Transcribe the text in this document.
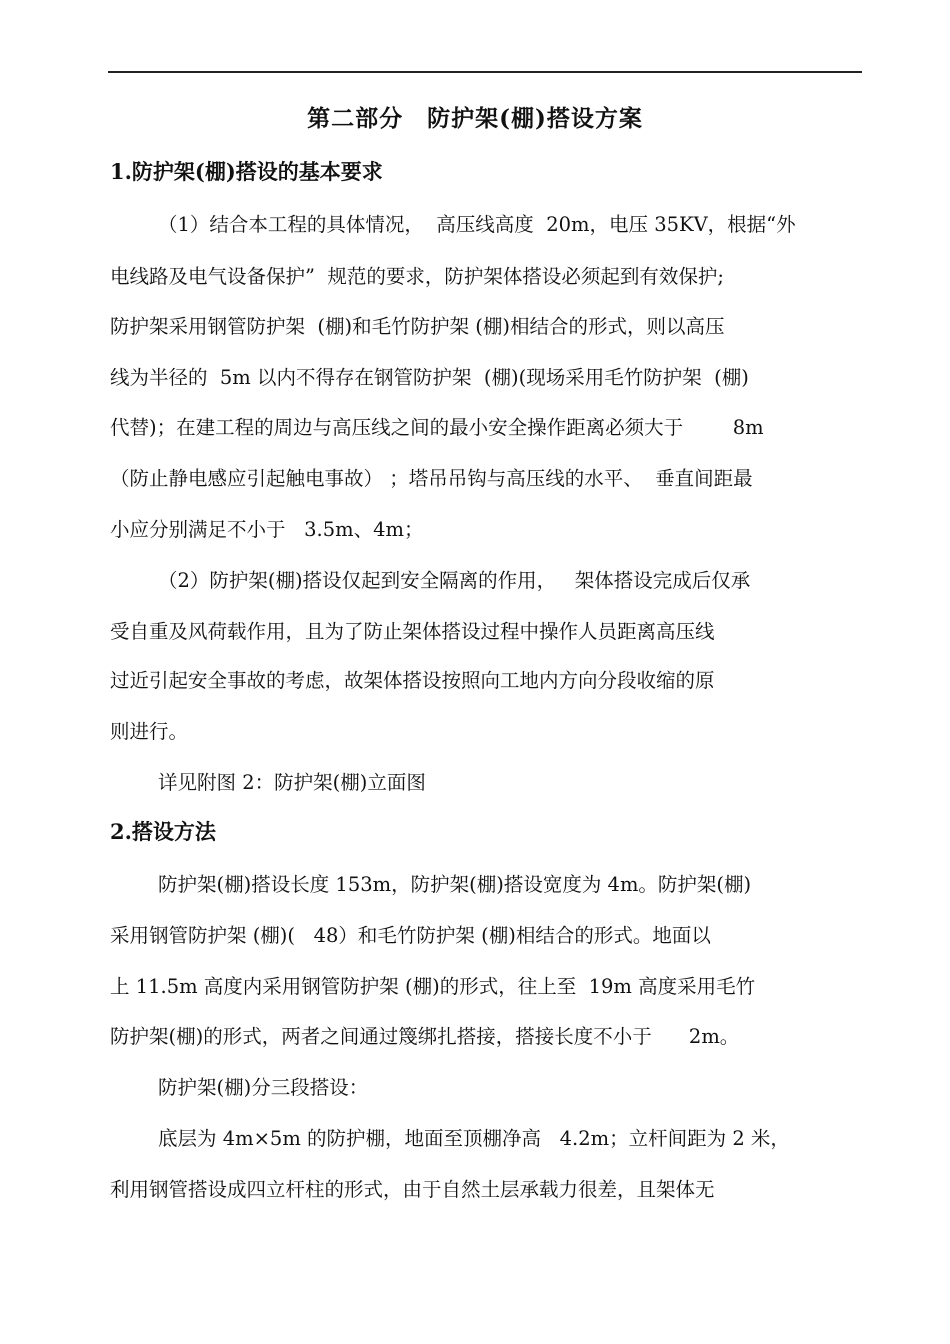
第二部分　防护架(棚)搭设方案
1.防护架(棚)搭设的基本要求
（1）结合本工程的具体情况，  高压线高度  20m，电压 35KV，根据“外
电线路及电气设备保护”  规范的要求，防护架体搭设必须起到有效保护;
防护架采用钢管防护架  (棚)和毛竹防护架 (棚)相结合的形式，则以高压
线为半径的  5m 以内不得存在钢管防护架  (棚)(现场采用毛竹防护架  (棚)
代替)；在建工程的周边与高压线之间的最小安全操作距离必须大于        8m
（防止静电感应引起触电事故） ；塔吊吊钩与高压线的水平、  垂直间距最
小应分别满足不小于   3.5m、4m；
（2）防护架(棚)搭设仅起到安全隔离的作用，   架体搭设完成后仅承
受自重及风荷载作用，且为了防止架体搭设过程中操作人员距离高压线
过近引起安全事故的考虑，故架体搭设按照向工地内方向分段收缩的原
则进行。
详见附图 2：防护架(棚)立面图
2.搭设方法
防护架(棚)搭设长度 153m，防护架(棚)搭设宽度为 4m。防护架(棚)
采用钢管防护架 (棚)(   48）和毛竹防护架 (棚)相结合的形式。地面以
上 11.5m 高度内采用钢管防护架 (棚)的形式，往上至  19m 高度采用毛竹
防护架(棚)的形式，两者之间通过篾绑扎搭接，搭接长度不小于      2m。
防护架(棚)分三段搭设：
底层为 4m×5m 的防护棚，地面至顶棚净高   4.2m；立杆间距为 2 米，
利用钢管搭设成四立杆柱的形式，由于自然土层承载力很差，且架体无
